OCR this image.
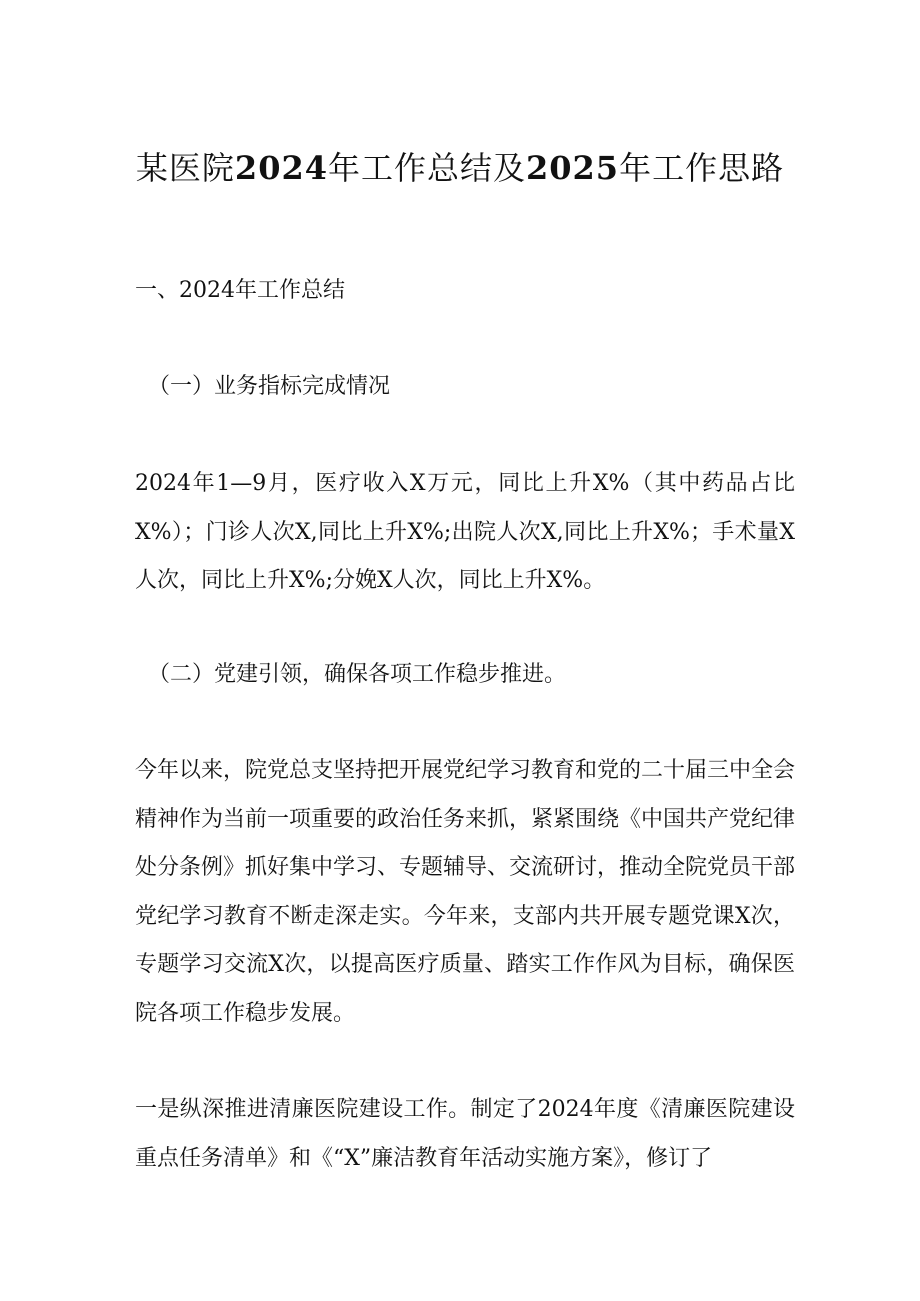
某医院2024年工作总结及2025年工作思路
一、2024年工作总结
（一）业务指标完成情况

2024年1—9月，医疗收入X万元，同比上升X%（其中药品占比X%）；门诊人次X,同比上升X%;出院人次X,同比上升X%；手术量X人次，同比上升X%;分娩X人次，同比上升X%。

（二）党建引领，确保各项工作稳步推进。

今年以来，院党总支坚持把开展党纪学习教育和党的二十届三中全会精神作为当前一项重要的政治任务来抓，紧紧围绕《中国共产党纪律处分条例》抓好集中学习、专题辅导、交流研讨，推动全院党员干部党纪学习教育不断走深走实。今年来，支部内共开展专题党课X次，专题学习交流X次，以提高医疗质量、踏实工作作风为目标，确保医院各项工作稳步发展。

一是纵深推进清廉医院建设工作。制定了2024年度《清廉医院建设重点任务清单》和《“X”廉洁教育年活动实施方案》，修订了
